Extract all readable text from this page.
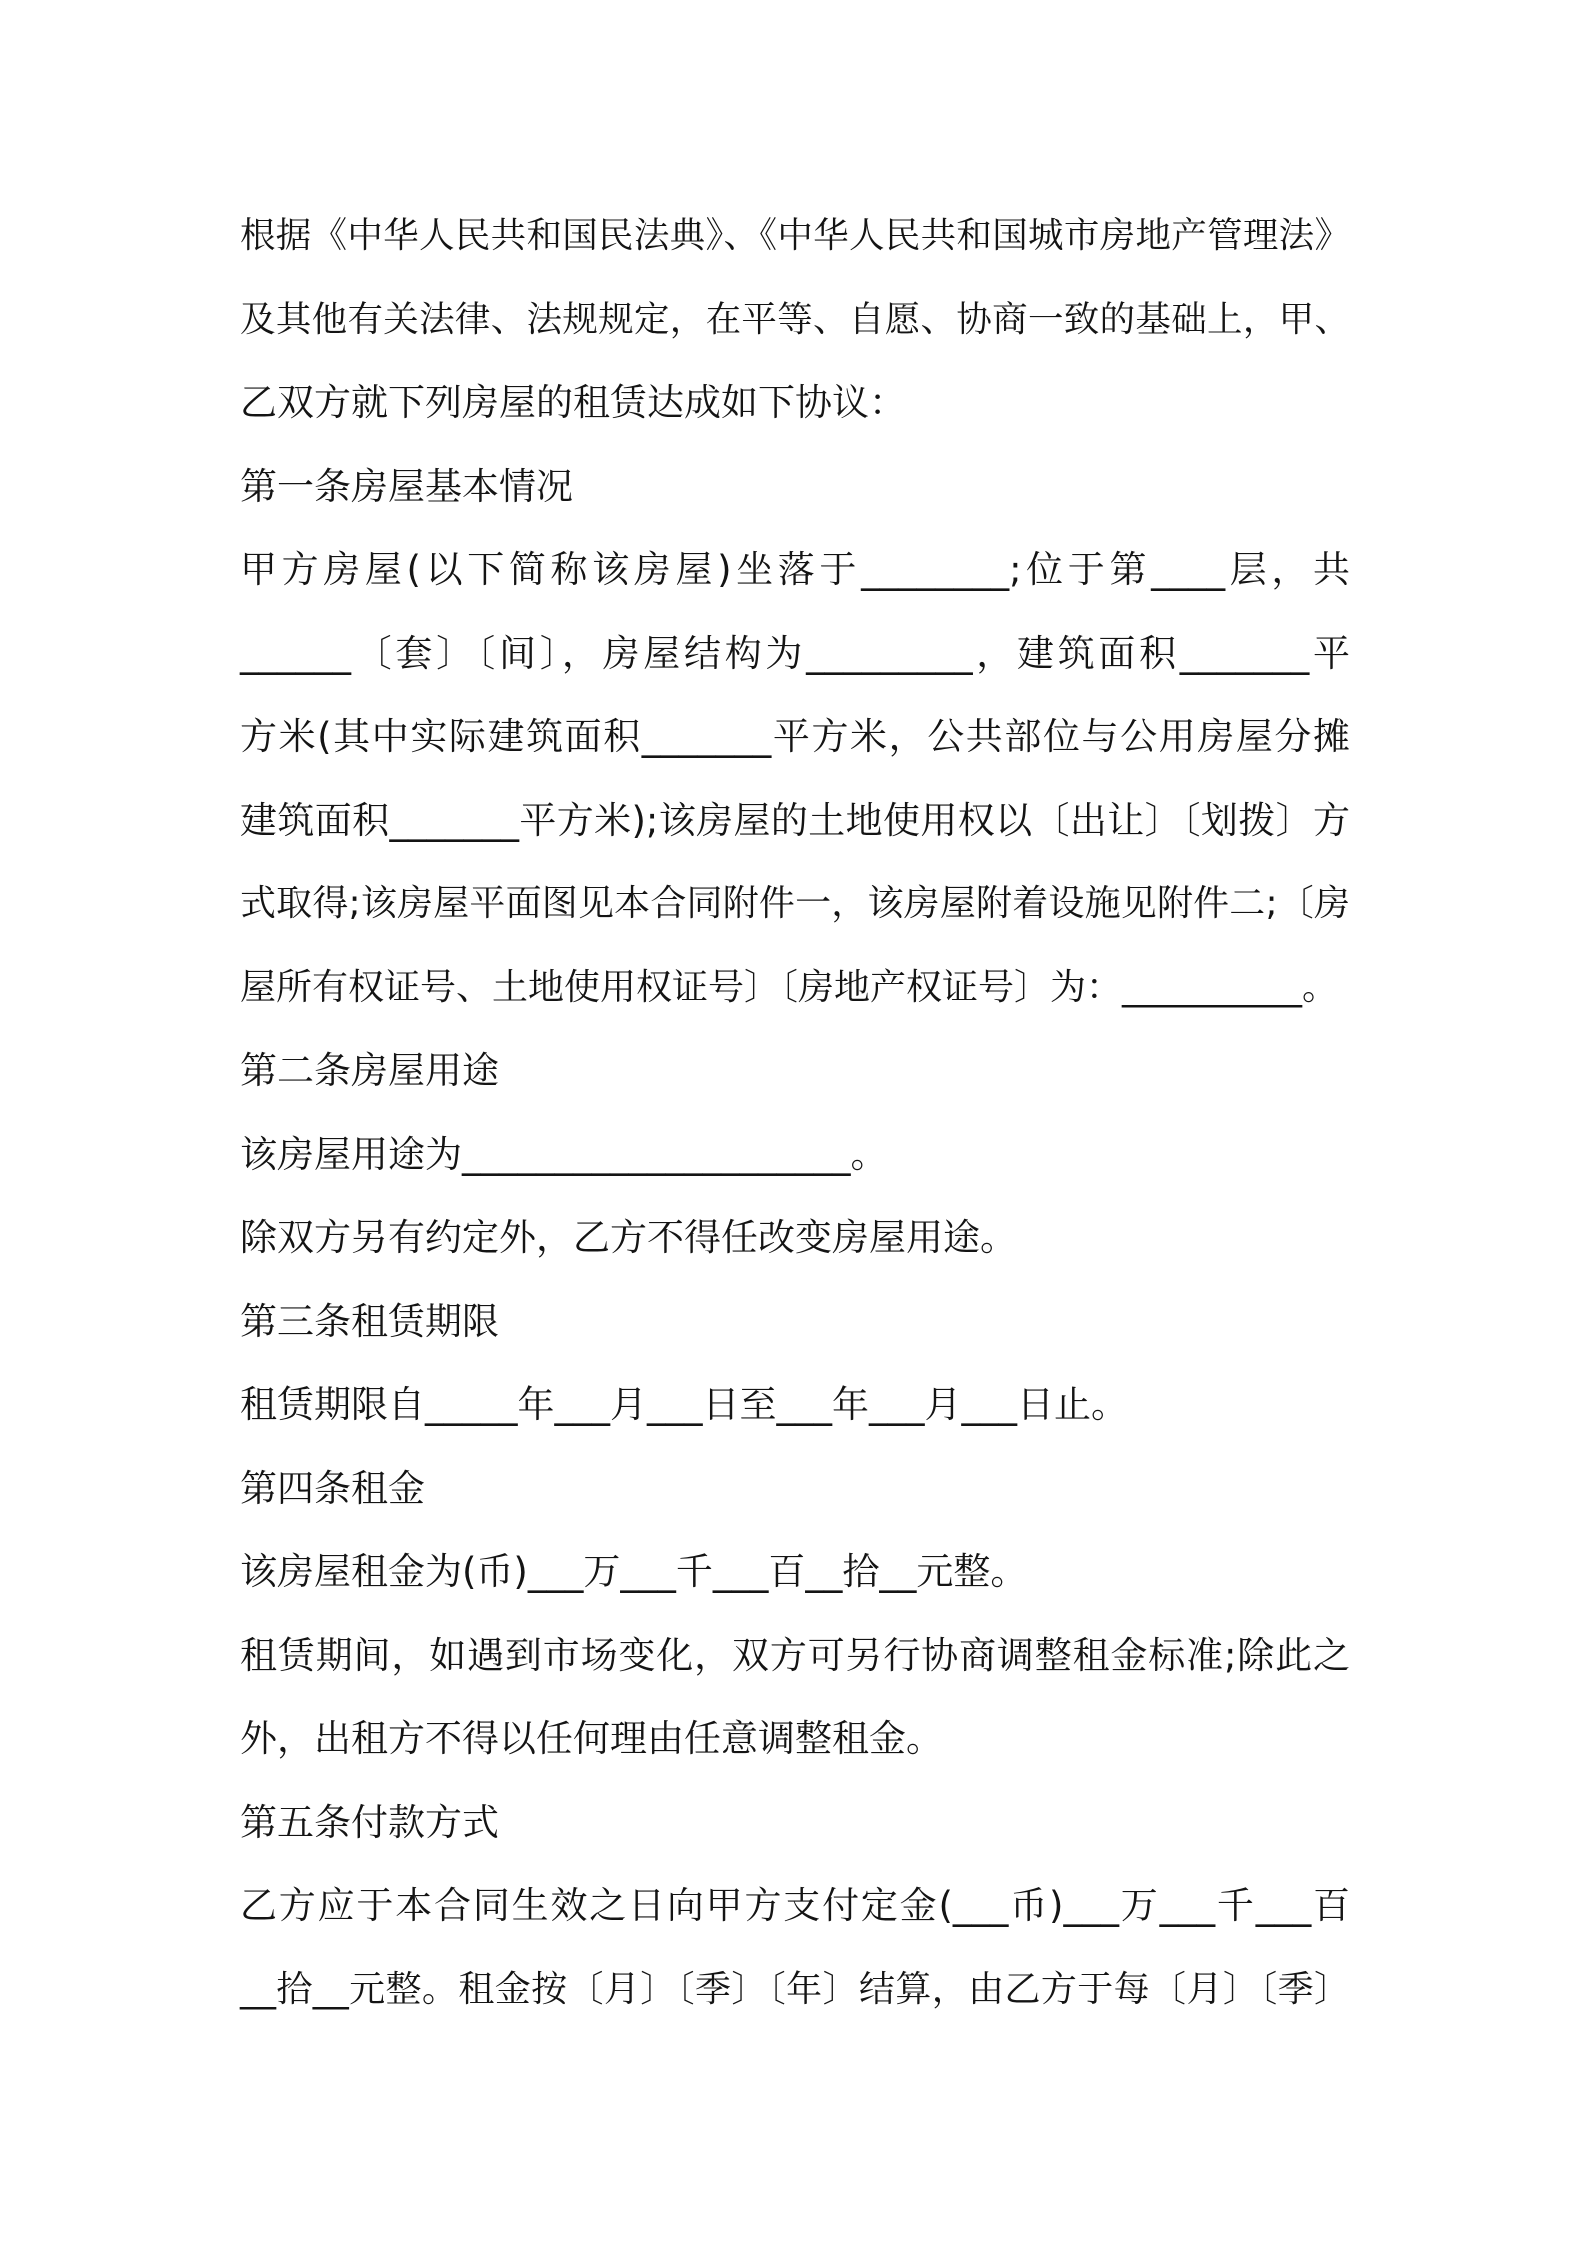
根据《中华人民共和国民法典》、《中华人民共和国城市房地产管理法》
及其他有关法律、法规规定，在平等、自愿、协商一致的基础上，甲、
乙双方就下列房屋的租赁达成如下协议：
第一条房屋基本情况
甲方房屋(以下简称该房屋)坐落于________;位于第____层，共
______〔套〕〔间〕，房屋结构为_________，建筑面积_______平
方米(其中实际建筑面积_______平方米，公共部位与公用房屋分摊
建筑面积_______平方米);该房屋的土地使用权以〔出让〕〔划拨〕方
式取得;该房屋平面图见本合同附件一，该房屋附着设施见附件二;〔房
屋所有权证号、土地使用权证号〕〔房地产权证号〕为：__________。
第二条房屋用途
该房屋用途为_____________________。
除双方另有约定外，乙方不得任改变房屋用途。
第三条租赁期限
租赁期限自_____年___月___日至___年___月___日止。
第四条租金
该房屋租金为(币)___万___千___百__拾__元整。
租赁期间，如遇到市场变化，双方可另行协商调整租金标准;除此之
外，出租方不得以任何理由任意调整租金。
第五条付款方式
乙方应于本合同生效之日向甲方支付定金(___币)___万___千___百
__拾__元整。租金按〔月〕〔季〕〔年〕结算，由乙方于每〔月〕〔季〕
